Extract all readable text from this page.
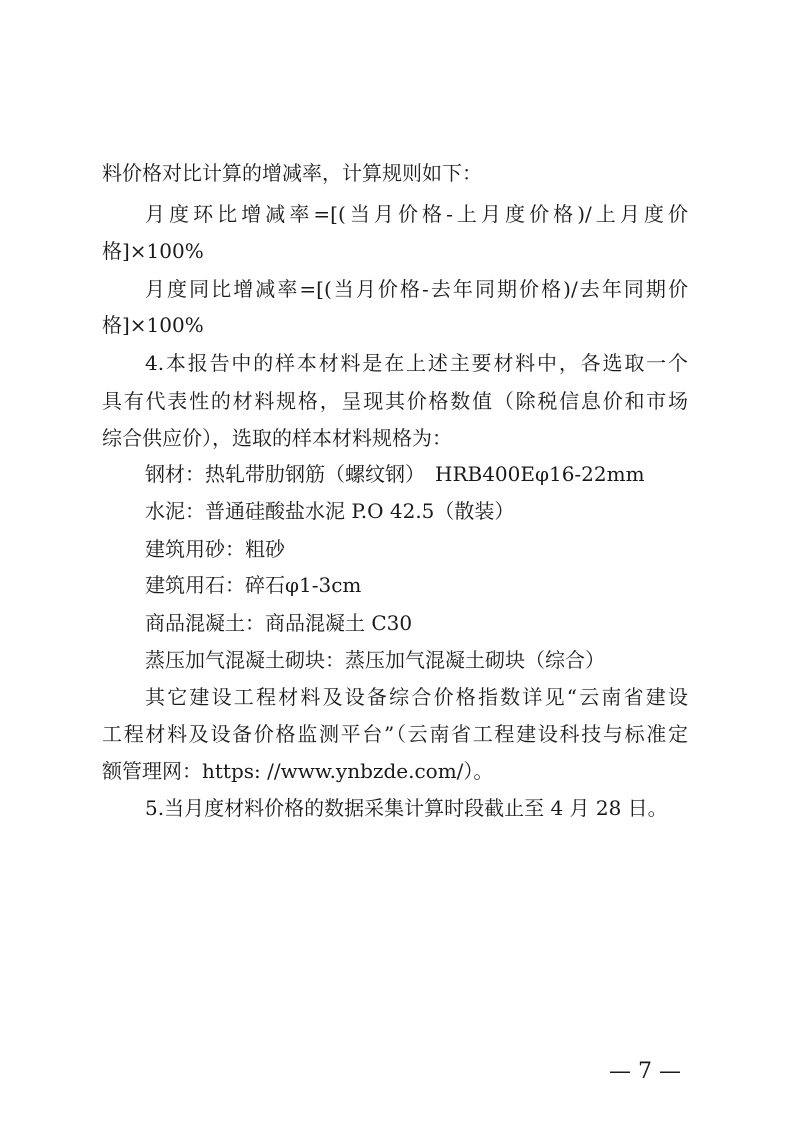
料价格对比计算的增减率，计算规则如下：
月度环比增减率=[(当月价格-上月度价格)/上月度价
格]×100%
月度同比增减率=[(当月价格-去年同期价格)/去年同期价
格]×100%
4.本报告中的样本材料是在上述主要材料中，各选取一个
具有代表性的材料规格，呈现其价格数值（除税信息价和市场
综合供应价），选取的样本材料规格为：
钢材：热轧带肋钢筋（螺纹钢）　HRB400Eφ16-22mm
水泥：普通硅酸盐水泥 P.O 42.5（散装）
建筑用砂：粗砂
建筑用石：碎石φ1-3cm
商品混凝土：商品混凝土 C30
蒸压加气混凝土砌块：蒸压加气混凝土砌块（综合）
其它建设工程材料及设备综合价格指数详见“云南省建设
工程材料及设备价格监测平台”（云南省工程建设科技与标准定
额管理网：https: //www.ynbzde.com/）。
5.当月度材料价格的数据采集计算时段截止至 4 月 28 日。
— 7 —
